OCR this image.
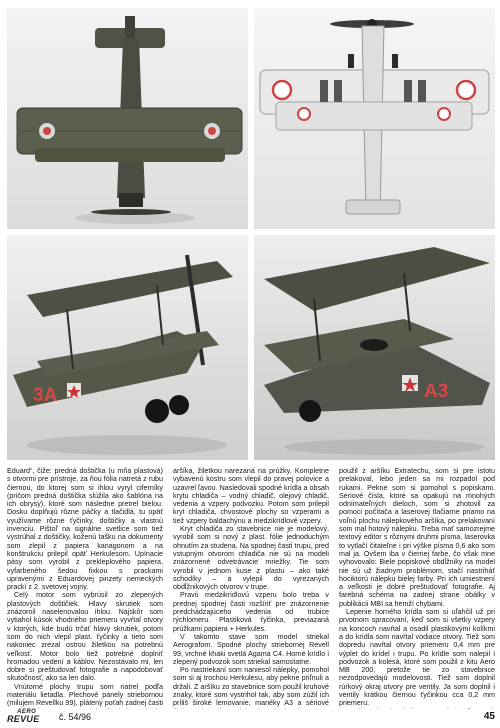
3A	A3

Eduard“, čiže: predná doštička (u mňa plastová) s otvormi pre prístroje, za ňou fólia natretá z rubu čiernou, do ktorej som si ihlou vyryl ciferníky (pričom predná doštička slúžila ako šablóna na ich obrysy), ktoré som následne pretrel bielou. Dosku doplňujú rôzne páčky a tlačidlá, tu opäť využívame rôzne ťyčinky, doštičky a vlastnú invenciu. Pištoľ na signálne svetlice som tiež vystrúhal z doštičky, koženú tašku na dokumenty som zlepil z papiera kanagonom a na konštrukciu prilepil opäť Herkulesom. Upínacie pásy som vyrobil z prekleplového papiera, vyfarbeného šedou fixkou s prackami upravenými z Eduardovej pinzety nemeckých prackí z 2. svetovej vojny.

Celý motor som vybrúsil zo zlepených plastových doštičiek. Hlavy skrutiek som znázornil naselenovalou ihlou. Najskôr som vytiahol kúsok vhodného priemeru vyvŕtal otvory v ktorých, kde budú trčať hlavy skrutiek, potom som do nich vlepil plast. ťyčinky a tieto som nakoniec zrezal ostrou žiletkou na potrebnú veľkosť. Motor bolo tiež potrebné doplniť hromadou vedení a káblov. Nezostávalo mi, len dobre si preštudovať fotografie a napodobovať skutočnosť, ako sa len dalo.

Vnútorné plochy trupu som natrel podľa materiálu lietadla. Plechové panely striebornou (milujem Revellku 99), plátený poťah zadnej časti

aršíka, žiletkou narezaná na prúžky. Kompletne vybavenú kostru som vlepil do pravej polovice a uzavrel ľavou. Nasledovali spodné krídla a obsah krytu chladiča – vodný chladič, olejový chladič, vedenia a vzpery podvozku. Potom som prilepil kryt chladiča, chvostové plochy so vzperami a tiež vzpery baldachýnu a medzikrídlové vzpery.

Kryt chladiča zo stavebnice nie je modelový, vyrobil som si nový z plast. fólie jednoduchým ohnutím za studena. Na spodnej časti trupu, pred vstupným otvorom chladiča nie sú na modeli znázornené odvetrávacie mriežky. Tie som vyrobil v jednom kuse z plastu – ako také schodíky – a vylepil do vyrezaných obdĺžnikových otvorov v trupe.

Pravú medzikrídlovú vzperu bolo treba v prednej spodnej časti rozšíriť pre znázornenie predchádzajúceho vedenia od trubice rýchlomeru. Plastiková ťyčinka, previazaná prúžkami papiera + Herkules.

V takomto stave som model striekal Aerografom. Spodné plochy striebornej Revell 99, vrchné khaki svetlá Agama C4. Horné krídlo i zlepený podvozok som striekal samostatne.

Po nastriekaní som naniesol nálepky, pomohol som si aj trochou Herkulesu, aby pekne priľnuli a držali. Z aršíku zo stavebnice som použil kruhové znaky, ktoré som vystrihol tak, aby som zúžil ich príliš široké lemovanie, manéky A3 a sériové

použil z aršíku Extratechu, som si pre istotu prelakoval, lebo jeden sa mi rozpadol pod rukami. Pekne som si pomohol s popiskami. Sériové čísla, ktoré sa opakujú na mnohých odnímateľných dieloch, som si zhotovil za pomoci počítača a laserovej tlačiarne priamo na voľnú plochu nálepkového aršíka, po prelakovaní som mal hotový nálepku. Treba mať samozrejme textový editor s rôznymi druhmi písma, laserovka to vytlačí čitateľne i pri výške písma 0,6 ako som mal ja. Ovšem iba v čiernej farbe, čo však mne vyhovovalo: Biele popiskové obdĺžniky na model nie sú už žiadnym problémom, stačí nastriháť hociktorú nálepku bielej farby. Pri ich umiestnení a veľkosti je dobré preštudovať fotografie. Aj farebná schéma na zadnej strane obálky v publikácii MBI sa hemží chybami.

Lepenie horného krídla som si uľahčil už pri prvotnom spracovaní, keď som si všetky vzpery na koncoch navŕtal a osadil plastikovými kolíkmi a do krídla som navŕtal vodiace otvory. Tiež som dopredu navŕtal otvory priemeru 0,4 mm pre výplet do krídel i trupu. Po krídle som nalepil i podvozok a kolesá, ktoré som použil z kitu Aero MB 200, pretože tie zo stavebnice nezodpovedajú modelovosti. Tiež som doplnil rúrkový okraj otvory pre ventily. Ja som doplnil i ventily krátkou čiernou ťyčinkou cca 0,2 mm priemeru.

AERO
REVUE č. 54/96	45
